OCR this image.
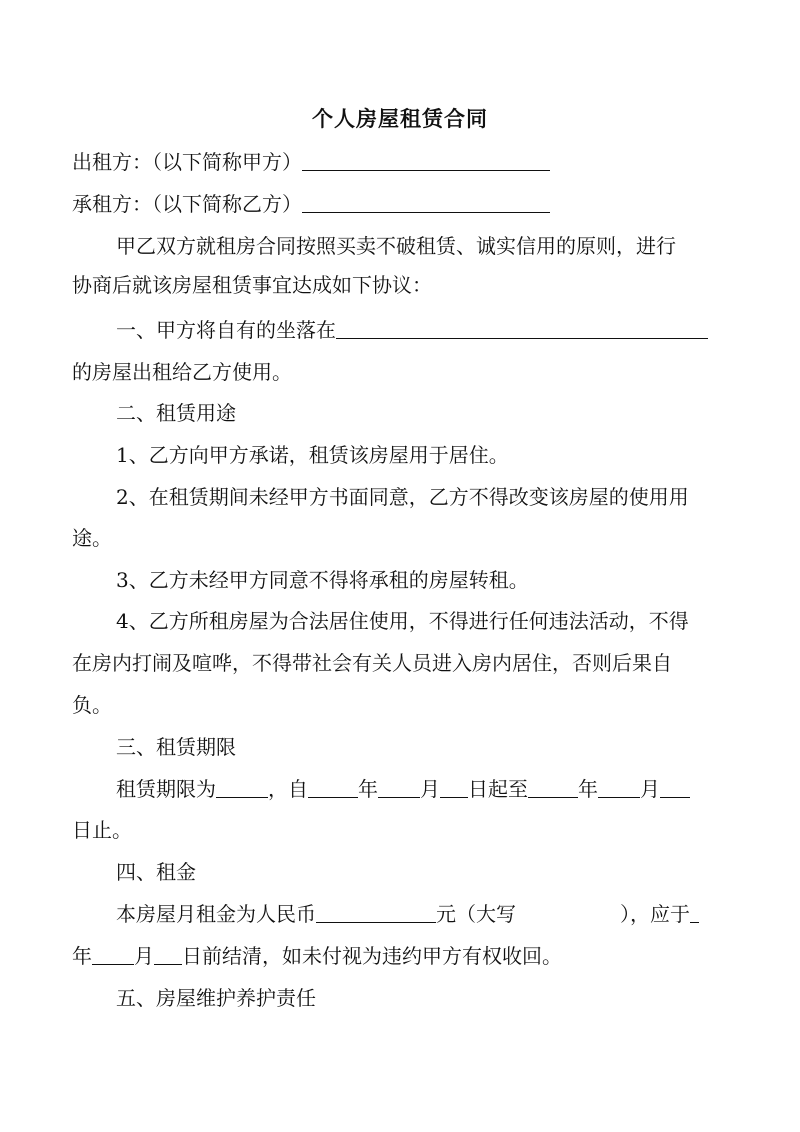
个人房屋租赁合同
出租方：（以下简称甲方）
承租方：（以下简称乙方）
甲乙双方就租房合同按照买卖不破租赁、诚实信用的原则，进行
协商后就该房屋租赁事宜达成如下协议：
一、甲方将自有的坐落在
的房屋出租给乙方使用。
二、租赁用途
1、乙方向甲方承诺，租赁该房屋用于居住。
2、在租赁期间未经甲方书面同意，乙方不得改变该房屋的使用用
途。
3、乙方未经甲方同意不得将承租的房屋转租。
4、乙方所租房屋为合法居住使用，不得进行任何违法活动，不得
在房内打闹及喧哗，不得带社会有关人员进入房内居住，否则后果自
负。
三、租赁期限
租赁期限为	，自	年 月 日起至	年 月
日止。
四、租金
本房屋月租金为人民币	元（大写	），应于
年 月 日前结清，如未付视为违约甲方有权收回。
五、房屋维护养护责任
